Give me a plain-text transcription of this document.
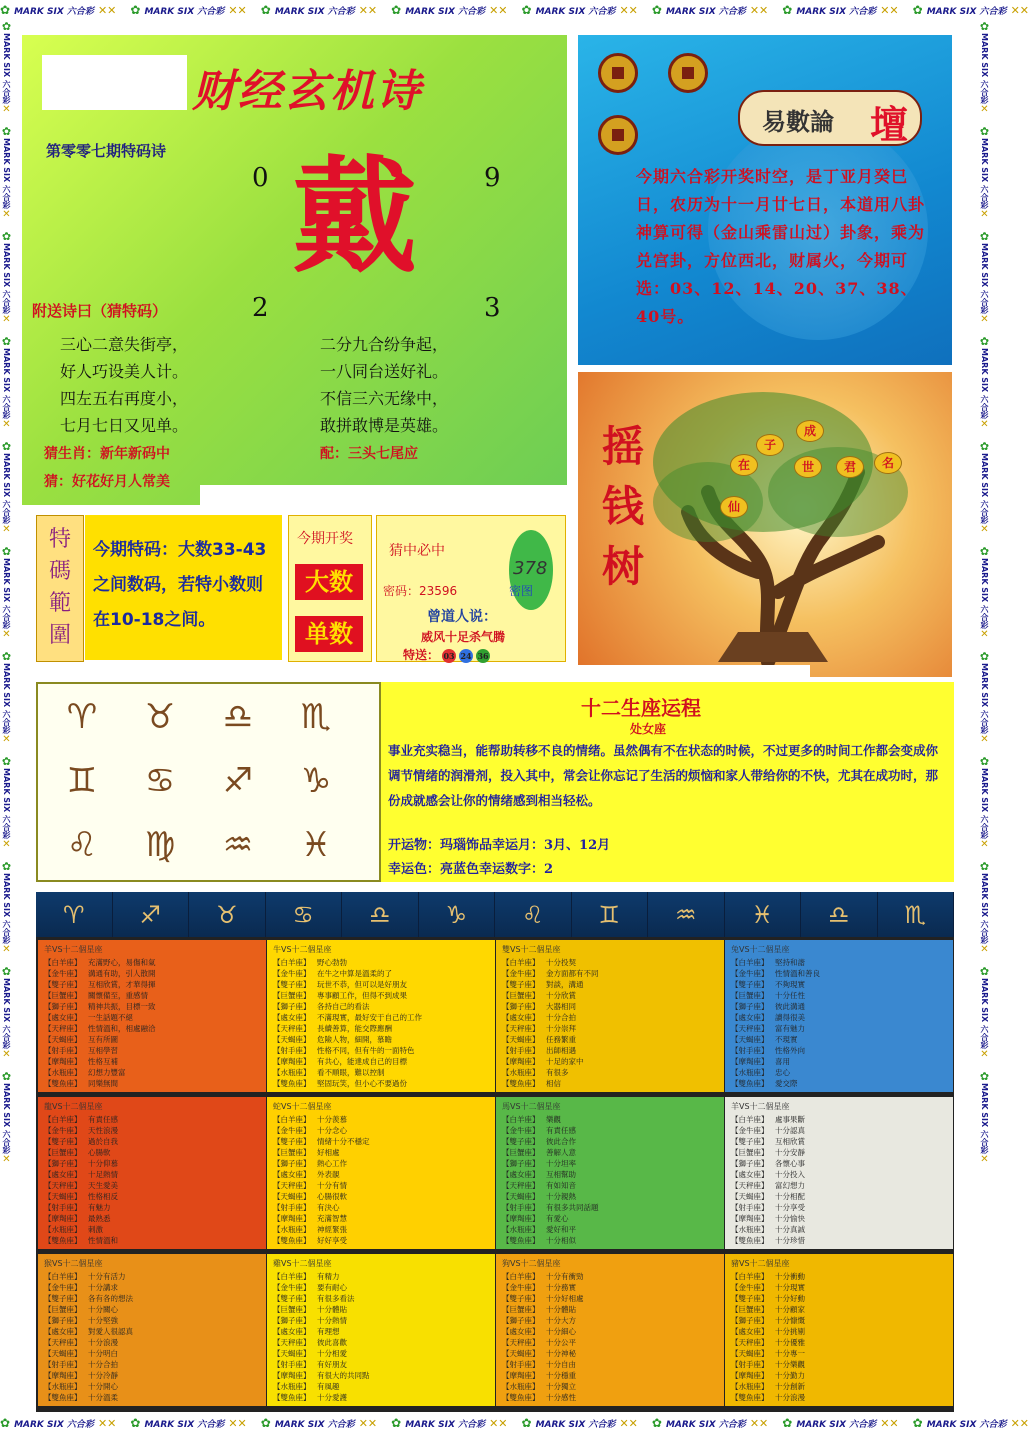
✿ MARK SIX 六合彩 ✕✕ ✿ MARK SIX 六合彩 ✕✕ ✿ MARK SIX 六合彩 ✕✕ ✿ MARK SIX 六合彩 ✕✕ ✿ MARK SIX 六合彩 ✕✕ ✿ MARK SIX 六合彩 ✕✕ ✿ MARK SIX 六合彩 ✕✕ ✿ MARK SIX 六合彩 ✕✕
✿ MARK SIX 六合彩 ✕✕ ✿ MARK SIX 六合彩 ✕✕ ✿ MARK SIX 六合彩 ✕✕ ✿ MARK SIX 六合彩 ✕✕ ✿ MARK SIX 六合彩 ✕✕ ✿ MARK SIX 六合彩 ✕✕ ✿ MARK SIX 六合彩 ✕✕ ✿ MARK SIX 六合彩 ✕✕
✿
MARK SIX 六合彩
✕
✿
MARK SIX 六合彩
✕
✿
MARK SIX 六合彩
✕
✿
MARK SIX 六合彩
✕
✿
MARK SIX 六合彩
✕
✿
MARK SIX 六合彩
✕
✿
MARK SIX 六合彩
✕
✿
MARK SIX 六合彩
✕
✿
MARK SIX 六合彩
✕
✿
MARK SIX 六合彩
✕
✿
MARK SIX 六合彩
✕
✿
MARK SIX 六合彩
✕
✿
MARK SIX 六合彩
✕
✿
MARK SIX 六合彩
✕
✿
MARK SIX 六合彩
✕
✿
MARK SIX 六合彩
✕
✿
MARK SIX 六合彩
✕
✿
MARK SIX 六合彩
✕
✿
MARK SIX 六合彩
✕
✿
MARK SIX 六合彩
✕
✿
MARK SIX 六合彩
✕
✿
MARK SIX 六合彩
✕
财经玄机诗
第零零七期特码诗
0	9
戴
2	3
附送诗曰（猜特码）
三心二意失街亭，
好人巧设美人计。
四左五右再度小，
七月七日又见单。
二分九合纷争起，
一八同台送好礼。
不信三六无缘中，
敢拼敢博是英雄。
猜生肖：新年新码中
猜：好花好月人常美
配：三头七尾应
易數論 壇
今期六合彩开奖时空，是丁亚月癸巳日，农历为十一月廿七日，本道用八卦神算可得（金山乘雷山过）卦象，乘为兑宫卦，方位西北，财属火，今期可选：03、12、14、20、37、38、40号。
摇钱树
子
成
在	世	君	名
仙
特碼範圍
今期特码：大数33-43之间数码，若特小数则在10-18之间。
今期开奖
大数
单数
猜中必中
密码：23596
378
密图
曾道人说：
威风十足杀气腾
特送： 03 24 36
♈	♉	♎	♏
♊	♋	♐	♑
♌	♍	♒	♓
十二生座运程
处女座
事业充实稳当，能帮助转移不良的情绪。虽然偶有不在状态的时候，不过更多的时间工作都会变成你调节情绪的润滑剂，投入其中，常会让你忘记了生活的烦恼和家人带给你的不快，尤其在成功时，那份成就感会让你的情绪感到相当轻松。
开运物：玛瑙饰品幸运月：3月、12月
幸运色：亮蓝色幸运数字：2
♈	♐	♉	♋	♎	♑	♌	♊	♒	♓	♎	♏
羊VS十二個星座
【白羊座】 充滿野心，易傷和氣
【金牛座】 溝通有助，引人散開
【雙子座】 互相欣賞，才華得揮
【巨蟹座】 關懷備至，重感情
【獅子座】 精神共振，目標一致
【處女座】 一生話題不絕
【天秤座】 性情溫和，相處融洽
【天蝎座】 互有所圖
【射手座】 互相學習
【摩羯座】 性格互補
【水瓶座】 幻想力豐富
【雙魚座】 同樂無間
牛VS十二個星座
【白羊座】 野心勃勃
【金牛座】 在牛之中算是溫柔的了
【雙子座】 玩世不恭，但可以是好朋友
【巨蟹座】 專事顧工作，但得不到成果
【獅子座】 各持自己的看法
【處女座】 不滿現實，最好安于自己的工作
【天秤座】 長續善算，能交際應酬
【天蝎座】 危險人物，細開，慕瞻
【射手座】 性格不同，但有牛的一面特色
【摩羯座】 有共心，能達成自己的目標
【水瓶座】 看不順眼，難以控制
【雙魚座】 堅固玩笑，但小心不要過份
雙VS十二個星座
【白羊座】 十分投契
【金牛座】 金方面都有不同
【雙子座】 對談，溝通
【巨蟹座】 十分欣賞
【獅子座】 大器相同
【處女座】 十分合拍
【天秤座】 十分崇拜
【天蝎座】 任務繁重
【射手座】 出師相遇
【摩羯座】 十足的家中
【水瓶座】 有很多
【雙魚座】 相信
兔VS十二個星座
【白羊座】 堅持和諧
【金牛座】 性情溫和善良
【雙子座】 不夠現實
【巨蟹座】 十分任性
【獅子座】 彼此溝通
【處女座】 讀得很美
【天秤座】 富有魅力
【天蝎座】 不現實
【射手座】 性格外向
【摩羯座】 喜用
【水瓶座】 忠心
【雙魚座】 愛交際
龍VS十二個星座
【白羊座】 有責任感
【金牛座】 天性浪漫
【雙子座】 過於自我
【巨蟹座】 心腸軟
【獅子座】 十分仰慕
【處女座】 十足熱情
【天秤座】 天生愛美
【天蝎座】 性格相反
【射手座】 有魅力
【摩羯座】 最熟悉
【水瓶座】 刺激
【雙魚座】 性情溫和
蛇VS十二個星座
【白羊座】 十分羨慕
【金牛座】 十分念心
【雙子座】 情緒十分不穩定
【巨蟹座】 好相處
【獅子座】 熱心工作
【處女座】 外表靚
【天秤座】 十分有情
【天蝎座】 心腸很軟
【射手座】 有決心
【摩羯座】 充滿智慧
【水瓶座】 神經緊張
【雙魚座】 好好享受
馬VS十二個星座
【白羊座】 樂觀
【金牛座】 有責任感
【雙子座】 彼此合作
【巨蟹座】 善解人意
【獅子座】 十分坦率
【處女座】 互相幫助
【天秤座】 有如知音
【天蝎座】 十分親熱
【射手座】 有很多共同話題
【摩羯座】 有愛心
【水瓶座】 愛好和平
【雙魚座】 十分相似
羊VS十二個星座
【白羊座】 處事果斷
【金牛座】 十分認真
【雙子座】 互相欣賞
【巨蟹座】 十分安靜
【獅子座】 各懷心事
【處女座】 十分投入
【天秤座】 富幻想力
【天蝎座】 十分相配
【射手座】 十分享受
【摩羯座】 十分愉快
【水瓶座】 十分真誠
【雙魚座】 十分珍惜
猴VS十二個星座
【白羊座】 十分有活力
【金牛座】 十分講求
【雙子座】 各有各的想法
【巨蟹座】 十分關心
【獅子座】 十分堅強
【處女座】 對愛人很認真
【天秤座】 十分浪漫
【天蝎座】 十分明白
【射手座】 十分合拍
【摩羯座】 十分冷靜
【水瓶座】 十分開心
【雙魚座】 十分溫柔
雞VS十二個星座
【白羊座】 有精力
【金牛座】 要有耐心
【雙子座】 有很多看法
【巨蟹座】 十分體貼
【獅子座】 十分熱情
【處女座】 有理想
【天秤座】 彼此喜歡
【天蝎座】 十分相愛
【射手座】 有好朋友
【摩羯座】 有很大的共同點
【水瓶座】 有風趣
【雙魚座】 十分愛護
狗VS十二個星座
【白羊座】 十分有衝勁
【金牛座】 十分務實
【雙子座】 十分好相處
【巨蟹座】 十分體貼
【獅子座】 十分大方
【處女座】 十分細心
【天秤座】 十分公平
【天蝎座】 十分神秘
【射手座】 十分自由
【摩羯座】 十分穩重
【水瓶座】 十分獨立
【雙魚座】 十分感性
豬VS十二個星座
【白羊座】 十分衝動
【金牛座】 十分現實
【雙子座】 十分好動
【巨蟹座】 十分顧家
【獅子座】 十分慷慨
【處女座】 十分挑剔
【天秤座】 十分優雅
【天蝎座】 十分專一
【射手座】 十分樂觀
【摩羯座】 十分勤力
【水瓶座】 十分創新
【雙魚座】 十分浪漫
